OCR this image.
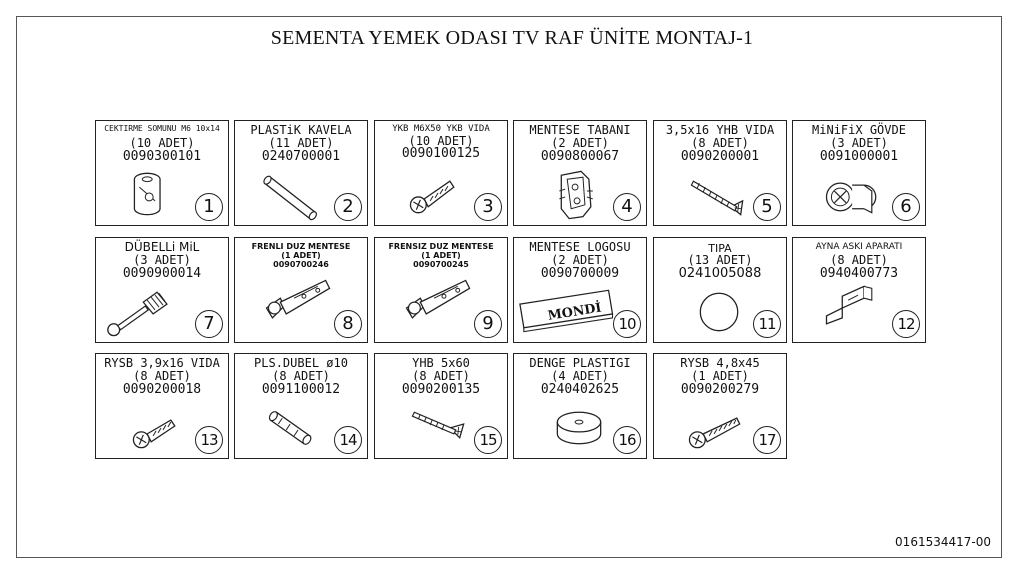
SEMENTA YEMEK ODASI TV RAF ÜNİTE MONTAJ-1
CEKTIRME SOMUNU M6 10x14
(10 ADET)
0090300101
1
PLASTiK KAVELA
(11 ADET)
0240700001
2
YKB M6X50 YKB VIDA
(10 ADET)
0090100125
3
MENTESE TABANI
(2 ADET)
0090800067
4
3,5x16 YHB VIDA
(8 ADET)
0090200001
5
MiNiFiX GÖVDE
(3 ADET)
0091000001
6
DÜBELLi MiL
(3 ADET)
0090900014
7
FRENLI DUZ MENTESE
(1 ADET)
0090700246
8
FRENSIZ DUZ MENTESE
(1 ADET)
0090700245
9
MENTESE LOGOSU
(2 ADET)
0090700009
MONDİ
10
TIPA
(13 ADET)
0241005088
11
AYNA ASKI APARATI
(8 ADET)
0940400773
12
RYSB 3,9x16 VIDA
(8 ADET)
0090200018
13
PLS.DUBEL ø10
(8 ADET)
0091100012
14
YHB 5x60
(8 ADET)
0090200135
15
DENGE PLASTIGI
(4 ADET)
0240402625
16
RYSB 4,8x45
(1 ADET)
0090200279
17
0161534417-00
